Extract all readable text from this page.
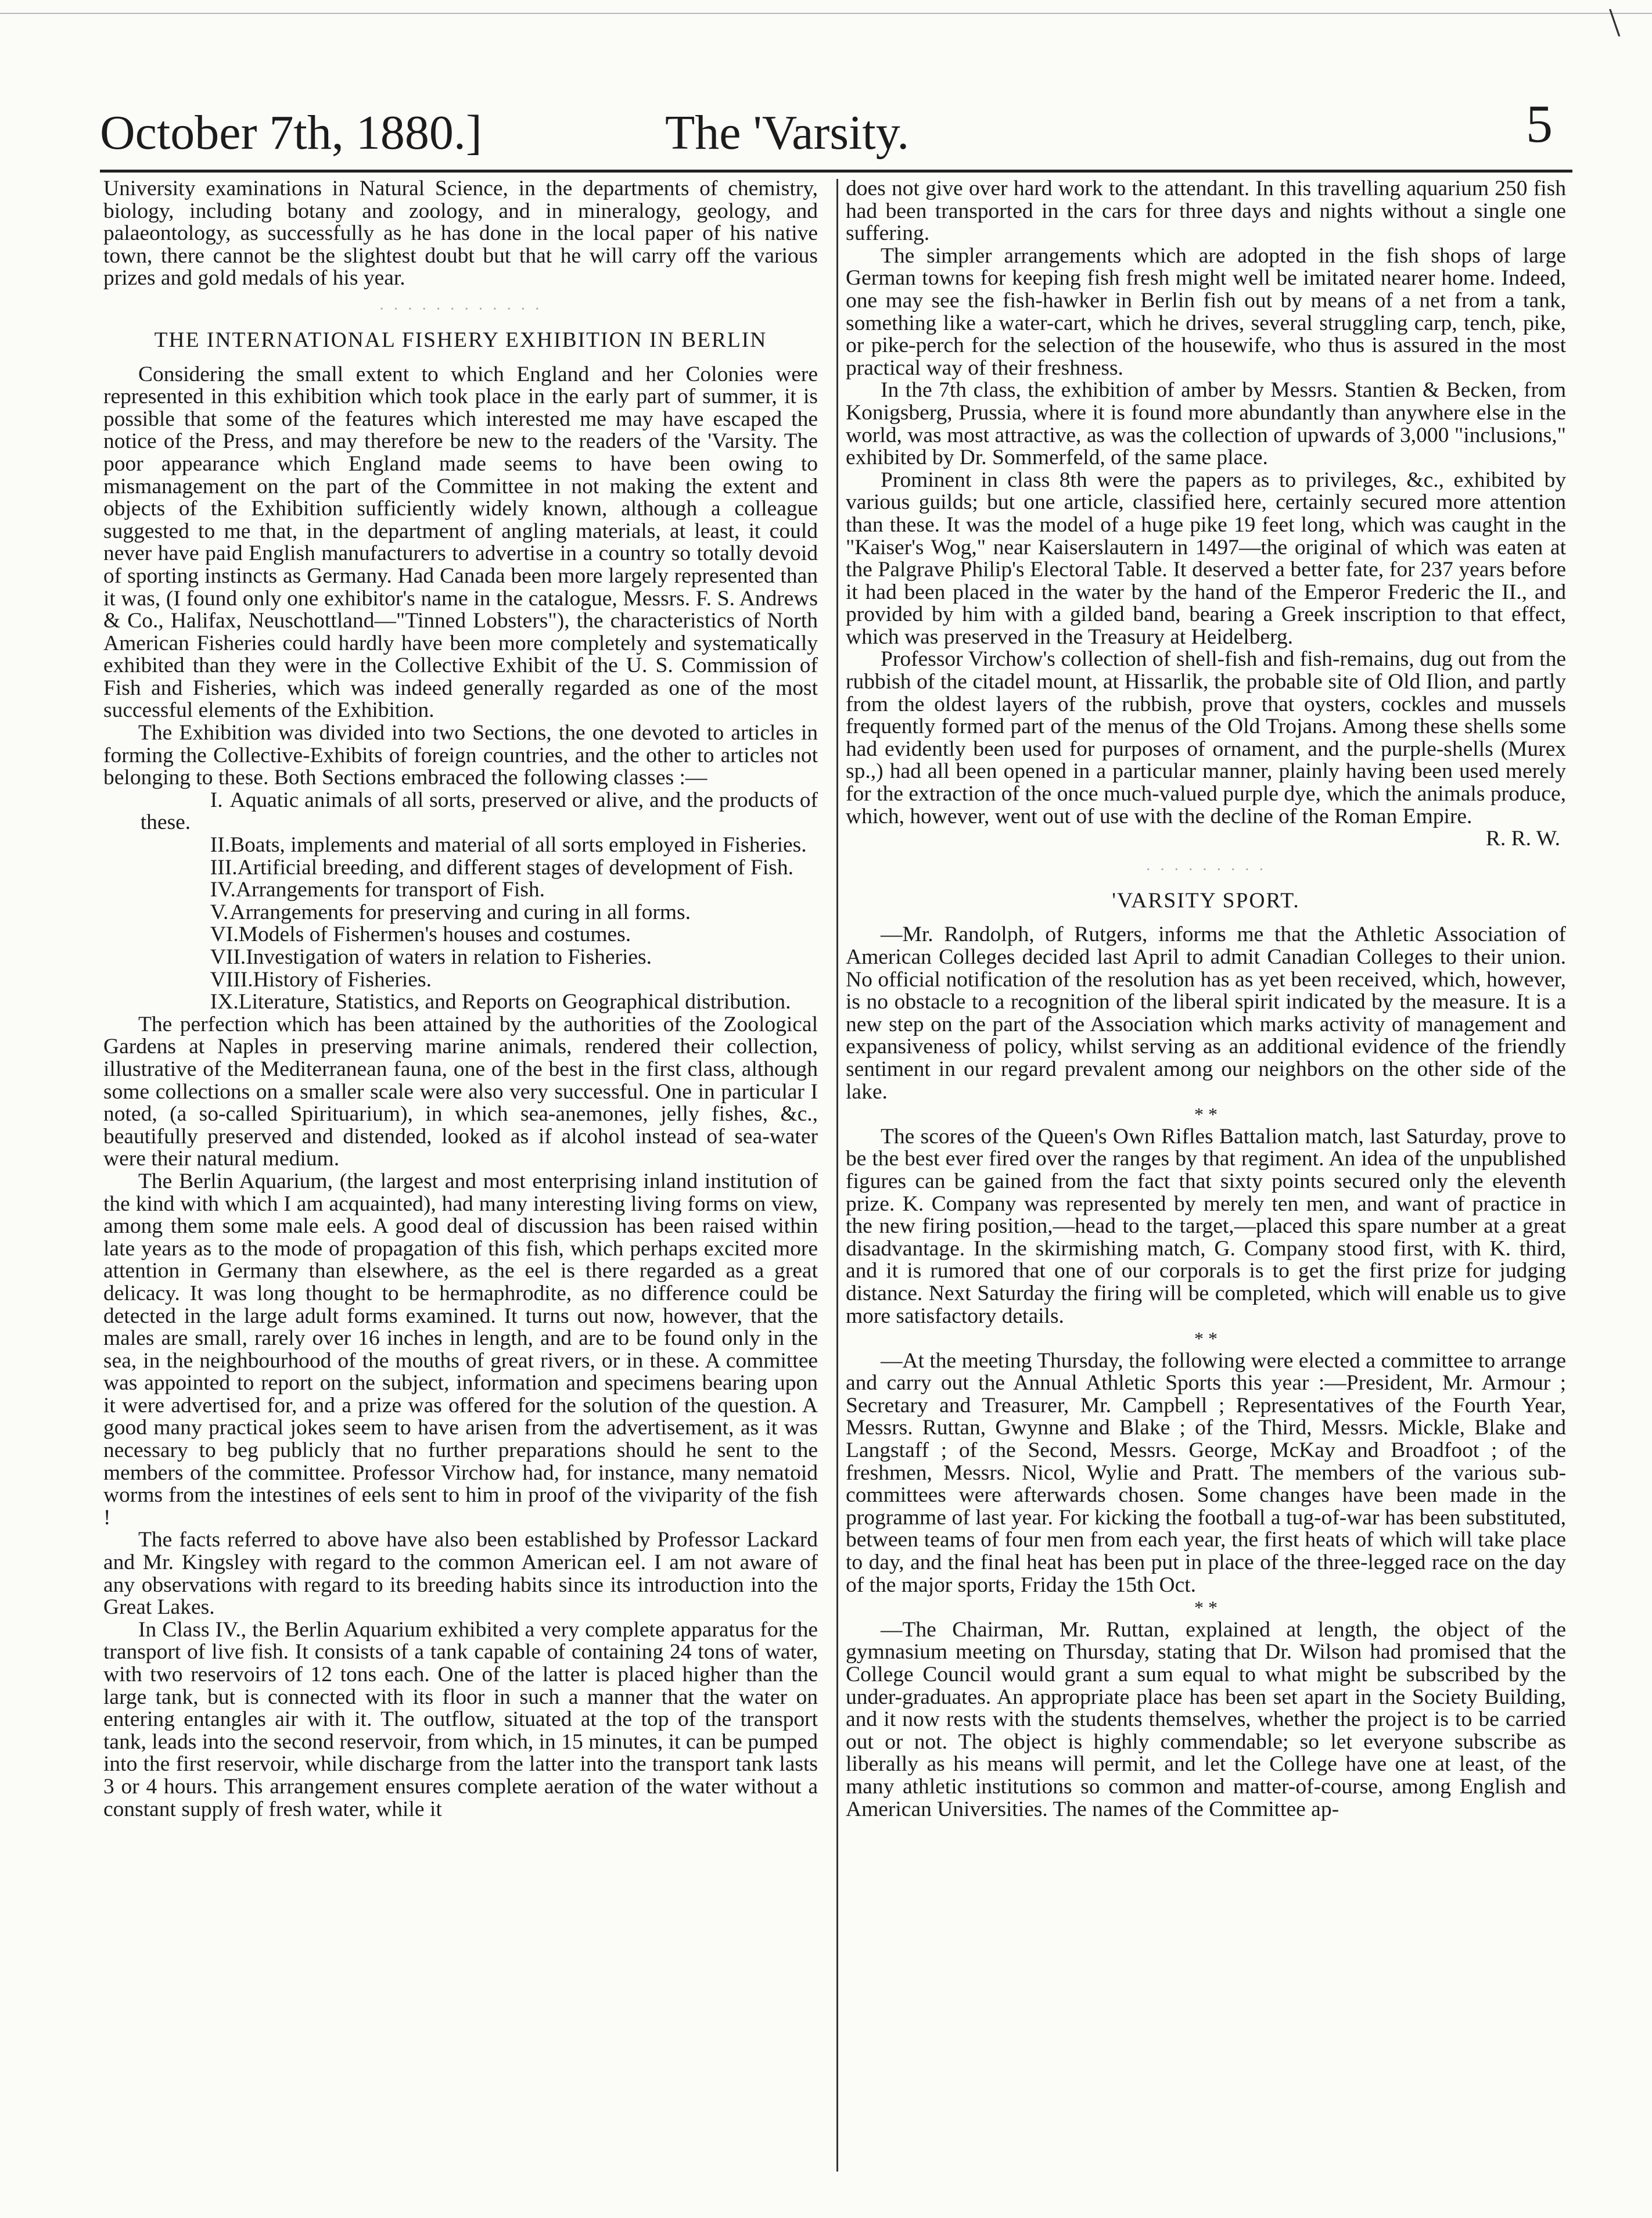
\
October 7th, 1880.]	The 'Varsity.	5

University examinations in Natural Science, in the departments of chemistry, biology, including botany and zoology, and in mineralogy, geology, and palaeontology, as successfully as he has done in the local paper of his native town, there cannot be the slightest doubt but that he will carry off the various prizes and gold medals of his year.

· · · · · · · · · · · ·
THE INTERNATIONAL FISHERY EXHIBITION IN BERLIN

Considering the small extent to which England and her Colonies were represented in this exhibition which took place in the early part of summer, it is possible that some of the features which interested me may have escaped the notice of the Press, and may therefore be new to the readers of the 'Varsity. The poor appearance which England made seems to have been owing to mismanagement on the part of the Committee in not making the extent and objects of the Exhibition sufficiently widely known, although a colleague suggested to me that, in the department of angling materials, at least, it could never have paid English manufacturers to advertise in a country so totally devoid of sporting instincts as Germany. Had Canada been more largely represented than it was, (I found only one exhibitor's name in the catalogue, Messrs. F. S. Andrews & Co., Halifax, Neuschottland—"Tinned Lobsters"), the characteristics of North American Fisheries could hardly have been more completely and systematically exhibited than they were in the Collective Exhibit of the U. S. Commission of Fish and Fisheries, which was indeed generally regarded as one of the most successful elements of the Exhibition.

The Exhibition was divided into two Sections, the one devoted to articles in forming the Collective-Exhibits of foreign countries, and the other to articles not belonging to these. Both Sections embraced the following classes :—

I. Aquatic animals of all sorts, preserved or alive, and the products of these.

II.Boats, implements and material of all sorts employed in Fisheries.

III.Artificial breeding, and different stages of development of Fish.

IV.Arrangements for transport of Fish.

V.Arrangements for preserving and curing in all forms.

VI.Models of Fishermen's houses and costumes.

VII.Investigation of waters in relation to Fisheries.

VIII.History of Fisheries.

IX.Literature, Statistics, and Reports on Geographical distribution.

The perfection which has been attained by the authorities of the Zoological Gardens at Naples in preserving marine animals, rendered their collection, illustrative of the Mediterranean fauna, one of the best in the first class, although some collections on a smaller scale were also very successful. One in particular I noted, (a so-called Spirituarium), in which sea-anemones, jelly fishes, &c., beautifully preserved and distended, looked as if alcohol instead of sea-water were their natural medium.

The Berlin Aquarium, (the largest and most enterprising inland institution of the kind with which I am acquainted), had many interesting living forms on view, among them some male eels. A good deal of discussion has been raised within late years as to the mode of propagation of this fish, which perhaps excited more attention in Germany than elsewhere, as the eel is there regarded as a great delicacy. It was long thought to be hermaphrodite, as no difference could be detected in the large adult forms examined. It turns out now, however, that the males are small, rarely over 16 inches in length, and are to be found only in the sea, in the neighbourhood of the mouths of great rivers, or in these. A committee was appointed to report on the subject, information and specimens bearing upon it were advertised for, and a prize was offered for the solution of the question. A good many practical jokes seem to have arisen from the advertisement, as it was necessary to beg publicly that no further preparations should he sent to the members of the committee. Professor Virchow had, for instance, many nematoid worms from the intestines of eels sent to him in proof of the viviparity of the fish !

The facts referred to above have also been established by Professor Lackard and Mr. Kingsley with regard to the common American eel. I am not aware of any observations with regard to its breeding habits since its introduction into the Great Lakes.

In Class IV., the Berlin Aquarium exhibited a very complete apparatus for the transport of live fish. It consists of a tank capable of containing 24 tons of water, with two reservoirs of 12 tons each. One of the latter is placed higher than the large tank, but is connected with its floor in such a manner that the water on entering entangles air with it. The outflow, situated at the top of the transport tank, leads into the second reservoir, from which, in 15 minutes, it can be pumped into the first reservoir, while discharge from the latter into the transport tank lasts 3 or 4 hours. This arrangement ensures complete aeration of the water without a constant supply of fresh water, while it

does not give over hard work to the attendant. In this travelling aquarium 250 fish had been transported in the cars for three days and nights without a single one suffering.

The simpler arrangements which are adopted in the fish shops of large German towns for keeping fish fresh might well be imitated nearer home. Indeed, one may see the fish-hawker in Berlin fish out by means of a net from a tank, something like a water-cart, which he drives, several struggling carp, tench, pike, or pike-perch for the selection of the housewife, who thus is assured in the most practical way of their freshness.

In the 7th class, the exhibition of amber by Messrs. Stantien & Becken, from Konigsberg, Prussia, where it is found more abundantly than anywhere else in the world, was most attractive, as was the collection of upwards of 3,000 "inclusions," exhibited by Dr. Sommerfeld, of the same place.

Prominent in class 8th were the papers as to privileges, &c., exhibited by various guilds; but one article, classified here, certainly secured more attention than these. It was the model of a huge pike 19 feet long, which was caught in the "Kaiser's Wog," near Kaiserslautern in 1497—the original of which was eaten at the Palgrave Philip's Electoral Table. It deserved a better fate, for 237 years before it had been placed in the water by the hand of the Emperor Frederic the II., and provided by him with a gilded band, bearing a Greek inscription to that effect, which was preserved in the Treasury at Heidelberg.

Professor Virchow's collection of shell-fish and fish-remains, dug out from the rubbish of the citadel mount, at Hissarlik, the probable site of Old Ilion, and partly from the oldest layers of the rubbish, prove that oysters, cockles and mussels frequently formed part of the menus of the Old Trojans. Among these shells some had evidently been used for purposes of ornament, and the purple-shells (Murex sp.,) had all been opened in a particular manner, plainly having been used merely for the extraction of the once much-valued purple dye, which the animals produce, which, however, went out of use with the decline of the Roman Empire.

R. R. W.
· · · · · · · · ·
'VARSITY SPORT.

—Mr. Randolph, of Rutgers, informs me that the Athletic Association of American Colleges decided last April to admit Canadian Colleges to their union. No official notification of the resolution has as yet been received, which, however, is no obstacle to a recognition of the liberal spirit indicated by the measure. It is a new step on the part of the Association which marks activity of management and expansiveness of policy, whilst serving as an additional evidence of the friendly sentiment in our regard prevalent among our neighbors on the other side of the lake.

* *

The scores of the Queen's Own Rifles Battalion match, last Saturday, prove to be the best ever fired over the ranges by that regiment. An idea of the unpublished figures can be gained from the fact that sixty points secured only the eleventh prize. K. Company was represented by merely ten men, and want of practice in the new firing position,—head to the target,—placed this spare number at a great disadvantage. In the skirmishing match, G. Company stood first, with K. third, and it is rumored that one of our corporals is to get the first prize for judging distance. Next Saturday the firing will be completed, which will enable us to give more satisfactory details.

* *

—At the meeting Thursday, the following were elected a committee to arrange and carry out the Annual Athletic Sports this year :—President, Mr. Armour ; Secretary and Treasurer, Mr. Campbell ; Representatives of the Fourth Year, Messrs. Ruttan, Gwynne and Blake ; of the Third, Messrs. Mickle, Blake and Langstaff ; of the Second, Messrs. George, McKay and Broadfoot ; of the freshmen, Messrs. Nicol, Wylie and Pratt. The members of the various sub-committees were afterwards chosen. Some changes have been made in the programme of last year. For kicking the football a tug-of-war has been substituted, between teams of four men from each year, the first heats of which will take place to day, and the final heat has been put in place of the three-legged race on the day of the major sports, Friday the 15th Oct.

* *

—The Chairman, Mr. Ruttan, explained at length, the object of the gymnasium meeting on Thursday, stating that Dr. Wilson had promised that the College Council would grant a sum equal to what might be subscribed by the under-graduates. An appropriate place has been set apart in the Society Building, and it now rests with the students themselves, whether the project is to be carried out or not. The object is highly commendable; so let everyone subscribe as liberally as his means will permit, and let the College have one at least, of the many athletic institutions so common and matter-of-course, among English and American Universities. The names of the Committee ap-
